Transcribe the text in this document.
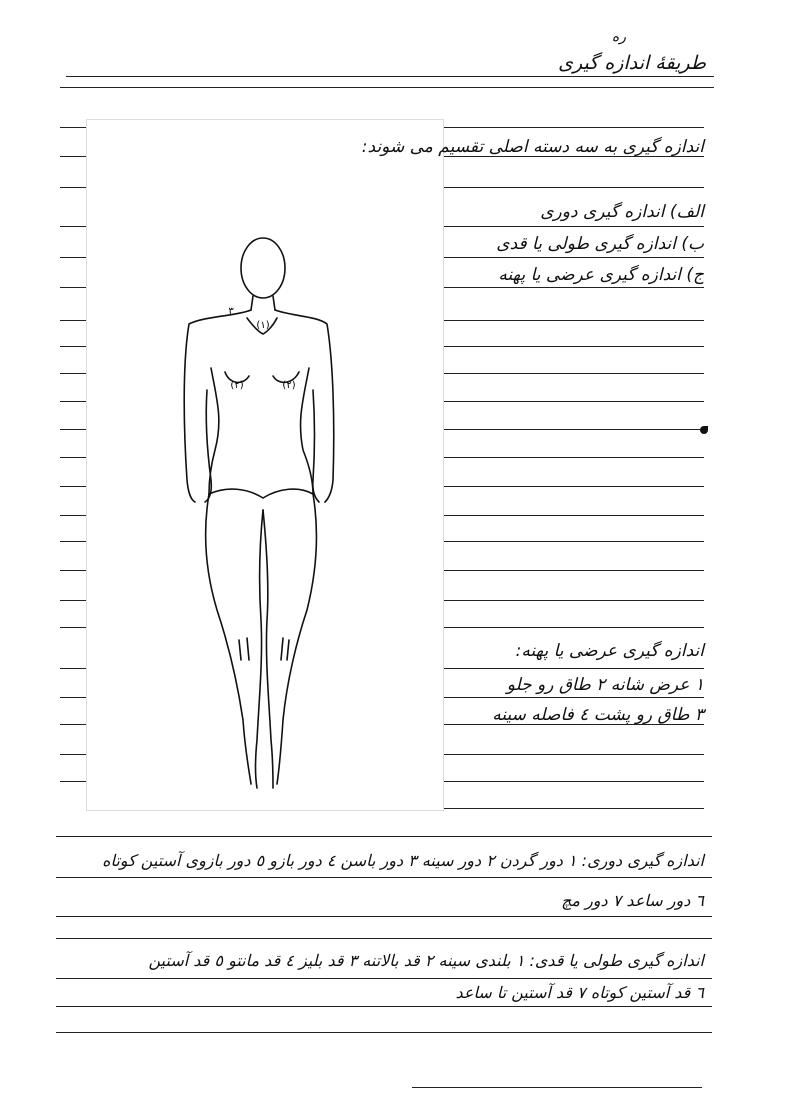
ره
طریقهٔ اندازه گیری
(١)
(٢)	(٢)
٣
اندازه گیری به سه دسته اصلی تقسیم می شوند:
الف) اندازه گیری دوری
ب) اندازه گیری طولی یا قدی
ج) اندازه گیری عرضی یا پهنه
اندازه گیری عرضی یا پهنه:
١ عرض شانه ٢ طاق رو جلو
٣ طاق رو پشت ٤ فاصله سینه
اندازه گیری دوری: ١ دور گردن ٢ دور سینه ٣ دور باسن ٤ دور بازو ٥ دور بازوی آستین کوتاه
٦ دور ساعد ٧ دور مچ
اندازه گیری طولی یا قدی: ١ بلندی سینه ٢ قد بالاتنه ٣ قد بلیز ٤ قد مانتو ٥ قد آستین
٦ قد آستین کوتاه ٧ قد آستین تا ساعد
